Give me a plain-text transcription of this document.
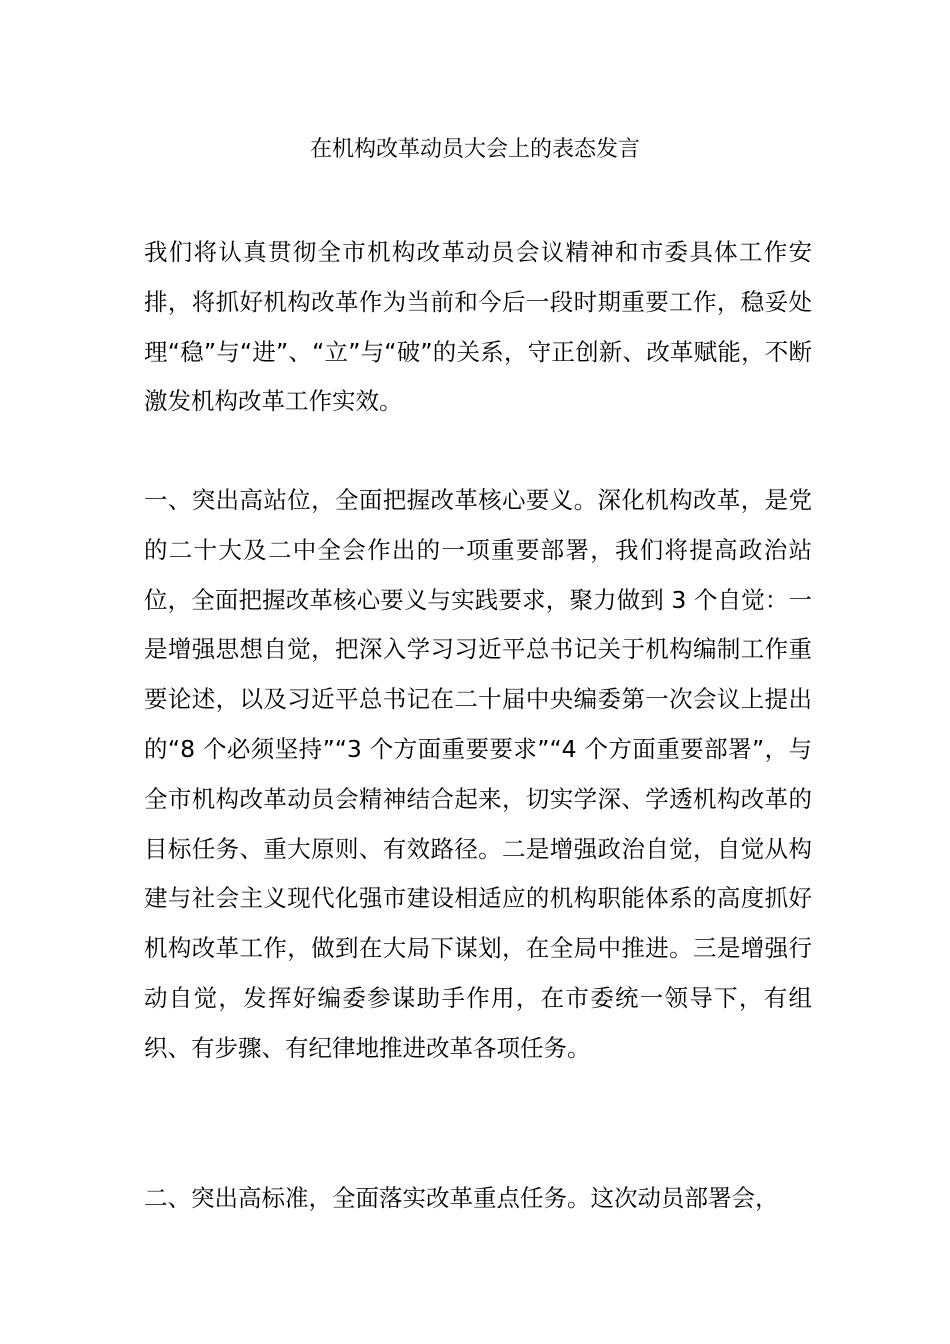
在机构改革动员大会上的表态发言

我们将认真贯彻全市机构改革动员会议精神和市委具体工作安排，将抓好机构改革作为当前和今后一段时期重要工作，稳妥处理“稳”与“进”、“立”与“破”的关系，守正创新、改革赋能，不断激发机构改革工作实效。

一、突出高站位，全面把握改革核心要义。深化机构改革，是党的二十大及二中全会作出的一项重要部署，我们将提高政治站位，全面把握改革核心要义与实践要求，聚力做到 3 个自觉：一是增强思想自觉，把深入学习习近平总书记关于机构编制工作重要论述，以及习近平总书记在二十届中央编委第一次会议上提出的“8 个必须坚持”“3 个方面重要要求”“4 个方面重要部署”，与全市机构改革动员会精神结合起来，切实学深、学透机构改革的目标任务、重大原则、有效路径。二是增强政治自觉，自觉从构建与社会主义现代化强市建设相适应的机构职能体系的高度抓好机构改革工作，做到在大局下谋划，在全局中推进。三是增强行动自觉，发挥好编委参谋助手作用，在市委统一领导下，有组织、有步骤、有纪律地推进改革各项任务。

二、突出高标准，全面落实改革重点任务。这次动员部署会，
